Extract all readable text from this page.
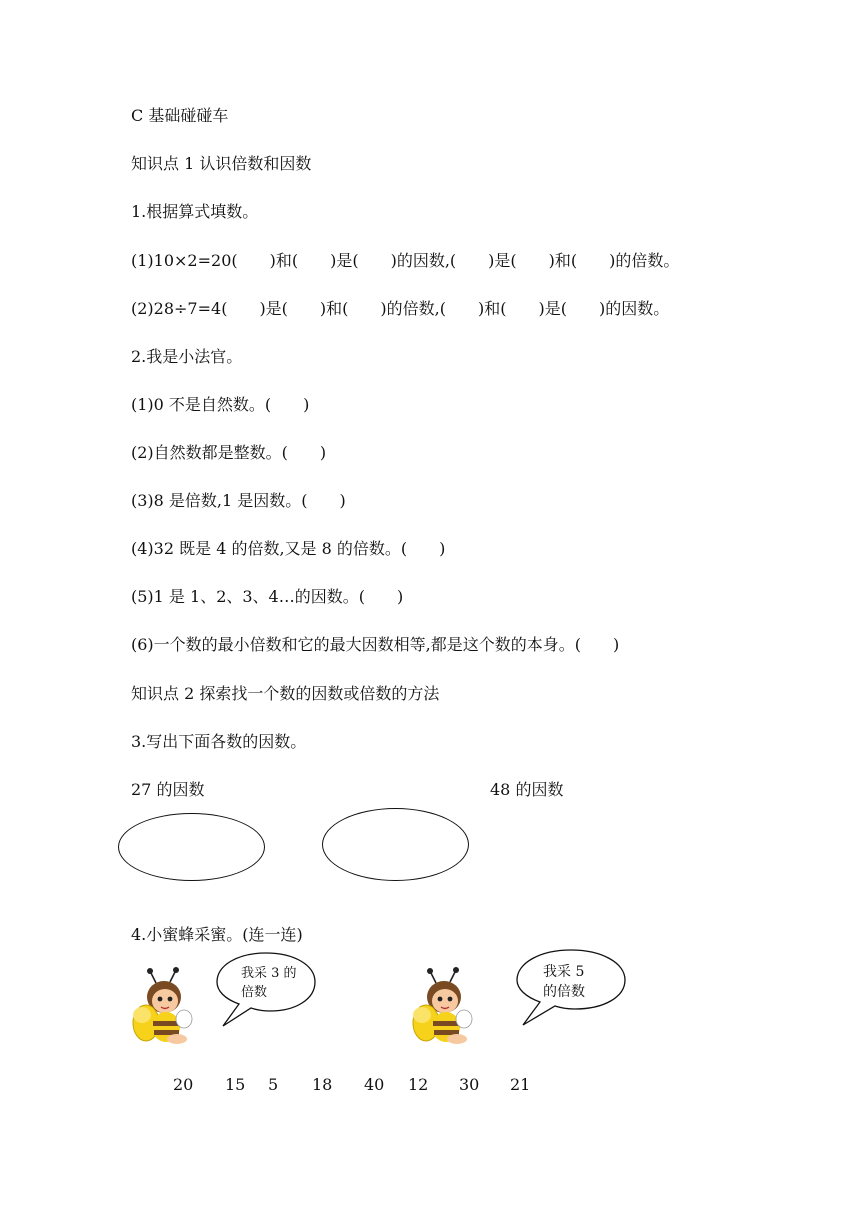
C 基础碰碰车
知识点 1 认识倍数和因数
1.根据算式填数。
(1)10×2=20(　　)和(　　)是(　　)的因数,(　　)是(　　)和(　　)的倍数。
(2)28÷7=4(　　)是(　　)和(　　)的倍数,(　　)和(　　)是(　　)的因数。
2.我是小法官。
(1)0 不是自然数。(　　)
(2)自然数都是整数。(　　)
(3)8 是倍数,1 是因数。(　　)
(4)32 既是 4 的倍数,又是 8 的倍数。(　　)
(5)1 是 1、2、3、4…的因数。(　　)
(6)一个数的最小倍数和它的最大因数相等,都是这个数的本身。(　　)
知识点 2 探索找一个数的因数或倍数的方法
3.写出下面各数的因数。
27 的因数	48 的因数
4.小蜜蜂采蜜。(连一连)
我采 3 的
倍数
我采 5
的倍数
20 15 5 18 40 12 30 21
